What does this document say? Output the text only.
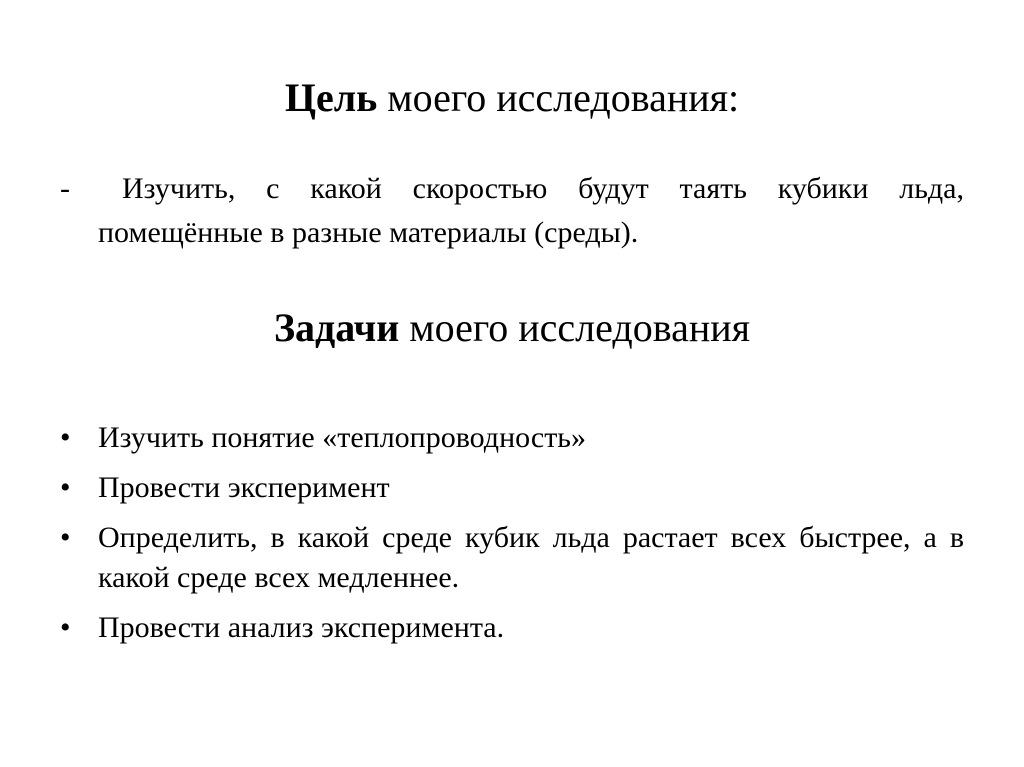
Цель моего исследования:
-	Изучить, с какой скоростью будут таять кубики льда, помещённые в разные материалы (среды).
Задачи моего исследования
• Изучить понятие «теплопроводность»
• Провести эксперимент
• Определить, в какой среде кубик льда растает всех быстрее, а в какой среде всех медленнее.
• Провести анализ эксперимента.
